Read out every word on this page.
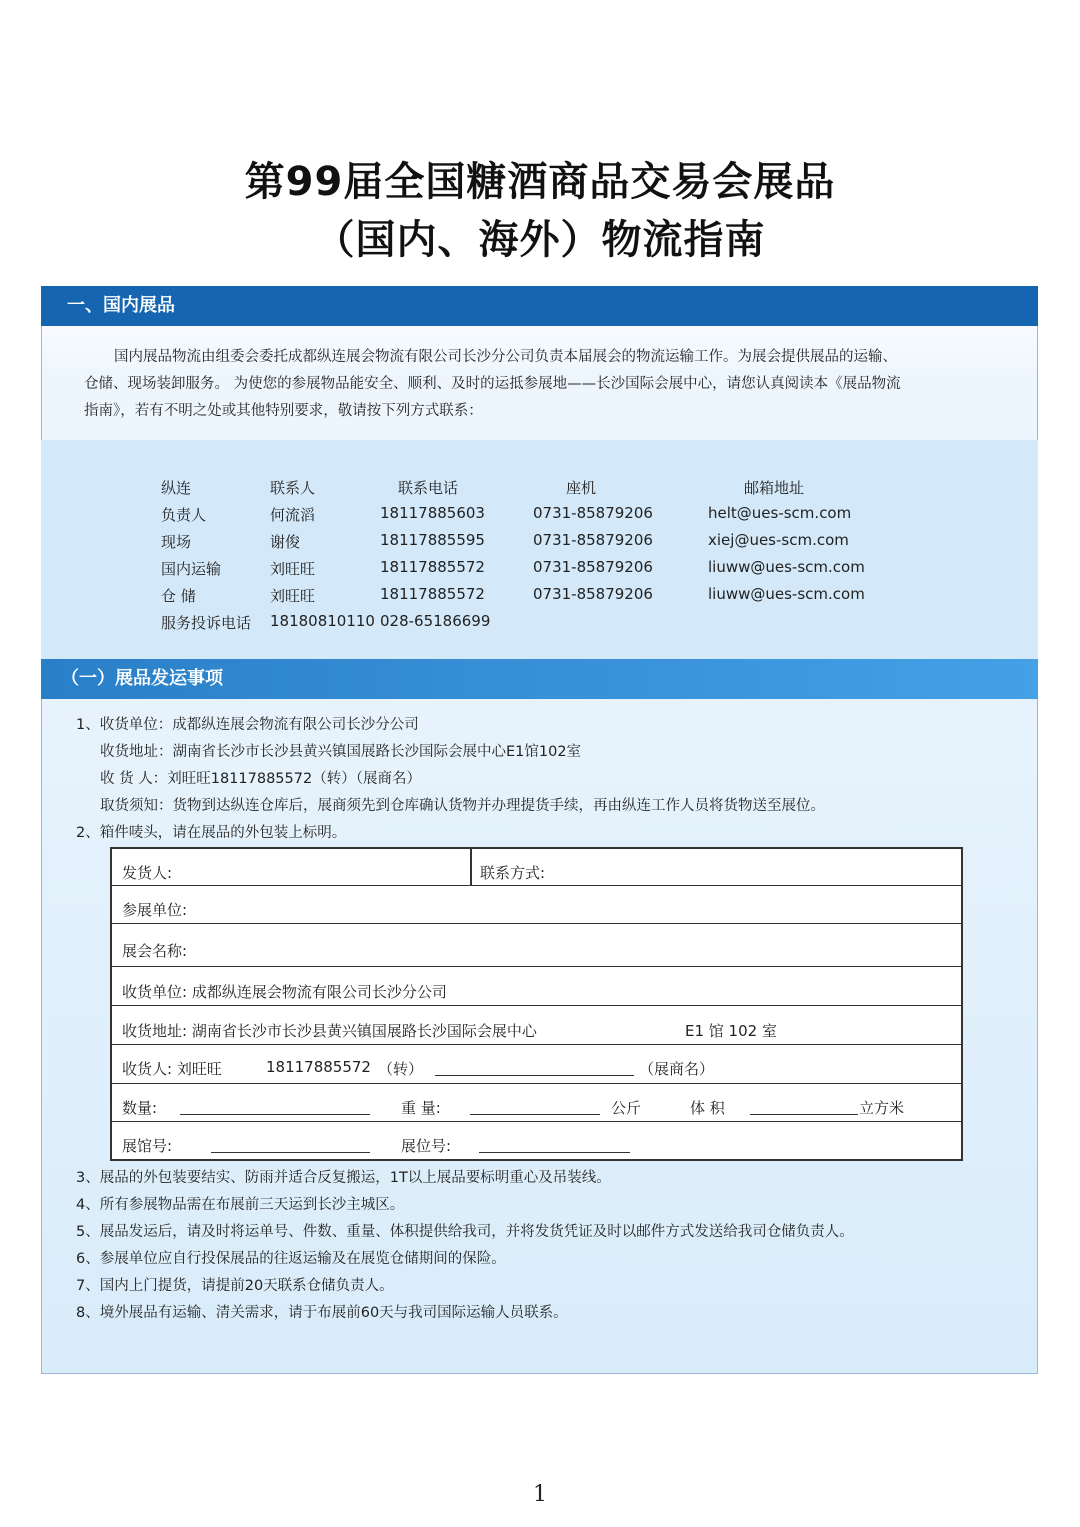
第99届全国糖酒商品交易会展品
（国内、海外）物流指南
一、国内展品
国内展品物流由组委会委托成都纵连展会物流有限公司长沙分公司负责本届展会的物流运输工作。为展会提供展品的运输、
仓储、现场装卸服务。 为使您的参展物品能安全、顺利、及时的运抵参展地——长沙国际会展中心，请您认真阅读本《展品物流
指南》，若有不明之处或其他特别要求，敬请按下列方式联系：
纵连	联系人	联系电话	座机	邮箱地址
负责人	何流滔	18117885603	0731-85879206	helt@ues-scm.com
现场	谢俊	18117885595	0731-85879206	xiej@ues-scm.com
国内运输	刘旺旺	18117885572	0731-85879206	liuww@ues-scm.com
仓 储	刘旺旺	18117885572	0731-85879206	liuww@ues-scm.com
服务投诉电话 18180810110 028-65186699
（一）展品发运事项
1、收货单位：成都纵连展会物流有限公司长沙分公司
收货地址：湖南省长沙市长沙县黄兴镇国展路长沙国际会展中心E1馆102室
收 货 人：刘旺旺18117885572（转）（展商名）
取货须知：货物到达纵连仓库后，展商须先到仓库确认货物并办理提货手续，再由纵连工作人员将货物送至展位。
2、箱件唛头，请在展品的外包装上标明。
发货人:	联系方式:
参展单位:
展会名称:
收货单位: 成都纵连展会物流有限公司长沙分公司
收货地址: 湖南省长沙市长沙县黄兴镇国展路长沙国际会展中心	E1 馆 102 室
收货人: 刘旺旺	18117885572 （转）	（展商名）
数量:	重 量:	公斤	体 积	立方米
展馆号:	展位号:
3、展品的外包装要结实、防雨并适合反复搬运，1T以上展品要标明重心及吊装线。
4、所有参展物品需在布展前三天运到长沙主城区。
5、展品发运后，请及时将运单号、件数、重量、体积提供给我司，并将发货凭证及时以邮件方式发送给我司仓储负责人。
6、参展单位应自行投保展品的往返运输及在展览仓储期间的保险。
7、国内上门提货，请提前20天联系仓储负责人。
8、境外展品有运输、清关需求，请于布展前60天与我司国际运输人员联系。
1
